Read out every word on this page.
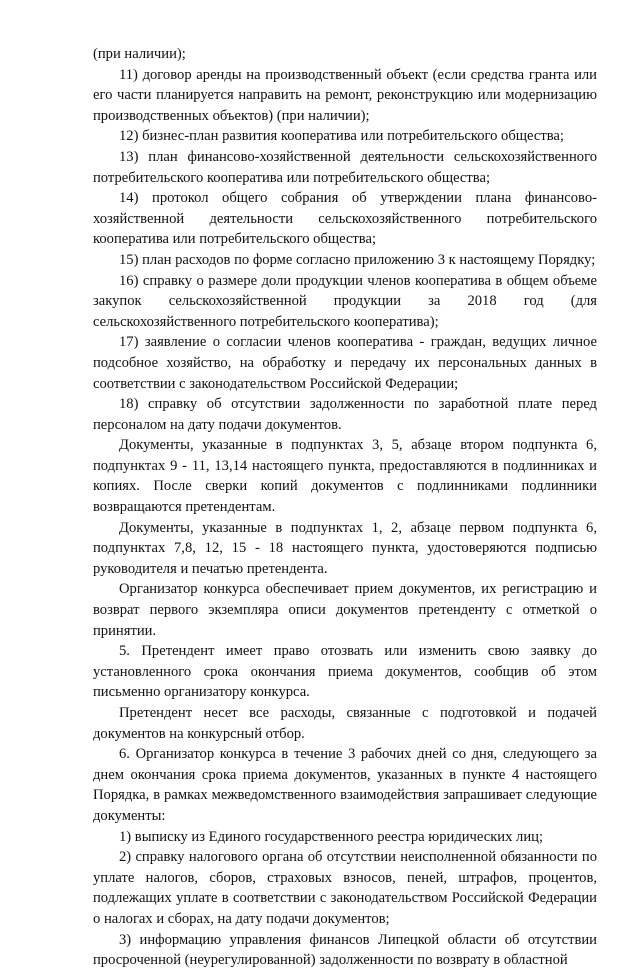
(при наличии);

11) договор аренды на производственный объект (если средства гранта или его части планируется направить на ремонт, реконструкцию или модернизацию производственных объектов) (при наличии);

12) бизнес-план развития кооператива или потребительского общества;

13) план финансово-хозяйственной деятельности сельскохозяйственного потребительского кооператива или потребительского общества;

14) протокол общего собрания об утверждении плана финансово-хозяйственной деятельности сельскохозяйственного потребительского кооператива или потребительского общества;

15) план расходов по форме согласно приложению 3 к настоящему Порядку;

16) справку о размере доли продукции членов кооператива в общем объеме закупок сельскохозяйственной продукции за 2018 год (для сельскохозяйственного потребительского кооператива);

17) заявление о согласии членов кооператива - граждан, ведущих личное подсобное хозяйство, на обработку и передачу их персональных данных в соответствии с законодательством Российской Федерации;

18) справку об отсутствии задолженности по заработной плате перед персоналом на дату подачи документов.

Документы, указанные в подпунктах 3, 5, абзаце втором подпункта 6, подпунктах 9 - 11, 13,14 настоящего пункта, предоставляются в подлинниках и копиях. После сверки копий документов с подлинниками подлинники возвращаются претендентам.

Документы, указанные в подпунктах 1, 2, абзаце первом подпункта 6, подпунктах 7,8, 12, 15 - 18 настоящего пункта, удостоверяются подписью руководителя и печатью претендента.

Организатор конкурса обеспечивает прием документов, их регистрацию и возврат первого экземпляра описи документов претенденту с отметкой о принятии.

5. Претендент имеет право отозвать или изменить свою заявку до установленного срока окончания приема документов, сообщив об этом письменно организатору конкурса.

Претендент несет все расходы, связанные с подготовкой и подачей документов на конкурсный отбор.

6. Организатор конкурса в течение 3 рабочих дней со дня, следующего за днем окончания срока приема документов, указанных в пункте 4 настоящего Порядка, в рамках межведомственного взаимодействия запрашивает следующие документы:

1) выписку из Единого государственного реестра юридических лиц;

2) справку налогового органа об отсутствии неисполненной обязанности по уплате налогов, сборов, страховых взносов, пеней, штрафов, процентов, подлежащих уплате в соответствии с законодательством Российской Федерации о налогах и сборах, на дату подачи документов;

3) информацию управления финансов Липецкой области об отсутствии просроченной (неурегулированной) задолженности по возврату в областной
